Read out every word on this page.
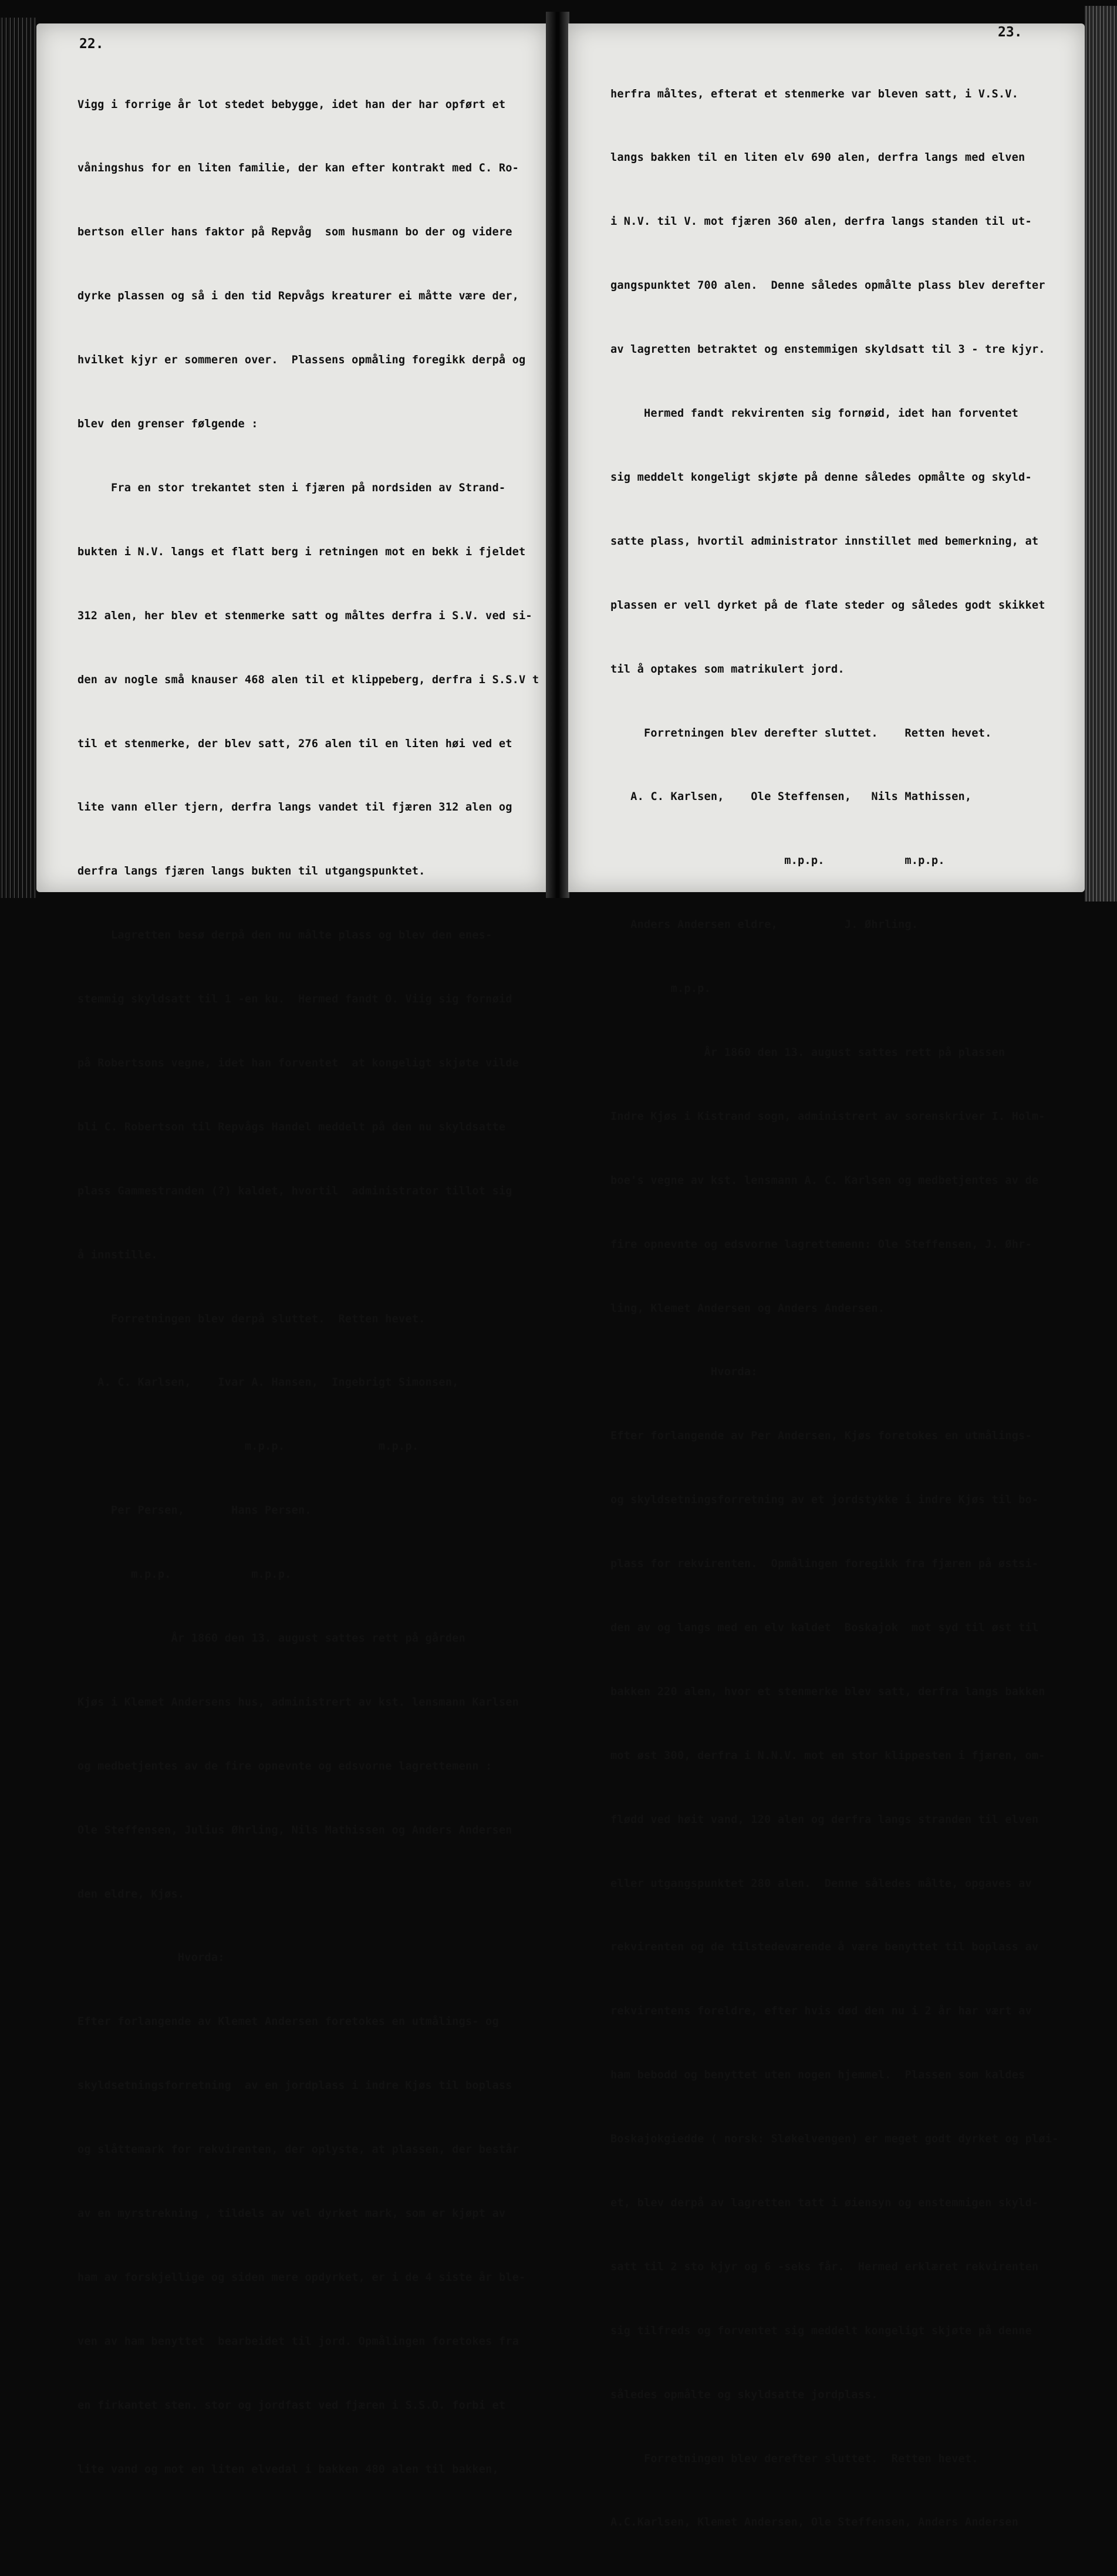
22.

Vigg i forrige år lot stedet bebygge, idet han der har opført et

våningshus for en liten familie, der kan efter kontrakt med C. Ro-

bertson eller hans faktor på Repvåg  som husmann bo der og videre

dyrke plassen og så i den tid Repvågs kreaturer ei måtte være der,

hvilket kjyr er sommeren over.  Plassens opmåling foregikk derpå og

blev den grenser følgende :

Fra en stor trekantet sten i fjæren på nordsiden av Strand-

bukten i N.V. langs et flatt berg i retningen mot en bekk i fjeldet

312 alen, her blev et stenmerke satt og måltes derfra i S.V. ved si-

den av nogle små knauser 468 alen til et klippeberg, derfra i S.S.V t

til et stenmerke, der blev satt, 276 alen til en liten høi ved et

lite vann eller tjern, derfra langs vandet til fjæren 312 alen og

derfra langs fjæren langs bukten til utgangspunktet.

Lagretten besø derpå den nu målte plass og blev den enes-

stemmig skyldsatt til 1 -en ku.  Hermed fandt O. Viig sig fornøid

på Robertsons vegne, idet han forventet  at kongeligt skjøte vilde

bli C. Robertson til Repvågs Handel meddelt på den nu skyldsatte

plass Gammestranden (?) kaldet, hvortil  administrator tillot sig

å innstille.

Forretningen blev derpå sluttet.  Retten hevet.

A. C. Karlsen,    Ivar A. Hansen,  Ingebrigt Simonsen,

m.p.p.              m.p.p.

Per Persen,       Hans Persen.

m.p.p.            m.p.p.

År 1860 den 13. august sattes rett på gården

Kjøs i Klemet Andersens hus, administrert av kst. lensmann Karlsen

og medbetjentes av de fire opnevnte og edsvorne lagrettemenn :

Ole Steffensen, Julius Øhrling, Nils Mathissen og Anders Andersen

den eldre, Kjøs.

Hvorda:

Efter forlangende av Klemet Andersen foretokes en utmålings- og

skyldsetningsforretning  av en jordplass i indre Kjøs til boplass

og slåttemark for rekvirenten, der oplyste, at plassen, der består

av en myrstrekning , tildels av vel dyrket mark, som er kjøpt av

ham av forskjellige og siden mere opdyrket, er i de 4 siste år ble-

ven av ham benyttet  bearbeidet til jord. Opmålingen foretokes fra

en firkantet sten. stor og jordfast ved fjæren i S.S.O. forbi et

lite vand og mot en liten elvedal i bakken 480 alen til bakken,

23.

herfra måltes, efterat et stenmerke var bleven satt, i V.S.V.

langs bakken til en liten elv 690 alen, derfra langs med elven

i N.V. til V. mot fjæren 360 alen, derfra langs standen til ut-

gangspunktet 700 alen.  Denne således opmålte plass blev derefter

av lagretten betraktet og enstemmigen skyldsatt til 3 - tre kjyr.

Hermed fandt rekvirenten sig fornøid, idet han forventet

sig meddelt kongeligt skjøte på denne således opmålte og skyld-

satte plass, hvortil administrator innstillet med bemerkning, at

plassen er vell dyrket på de flate steder og således godt skikket

til å optakes som matrikulert jord.

Forretningen blev derefter sluttet.    Retten hevet.

A. C. Karlsen,    Ole Steffensen,   Nils Mathissen,

m.p.p.            m.p.p.

Anders Andersen eldre,          J. Øhrling.

m.p.p.

År 1860 den 13. august sattes rett på plassen

Indre Kjøs i Kistrand sogn, administrert av sorenskriver I. Holm-

boe's vegne av kst. lensmann A. C. Karlsen og medbetjentes av de

fire opnevnte og edsvorne lagrettemenn: Ole Steffensen, J. Øhr-

ling, Klemet Andersen og Anders Andersen.

Hvorda:

Efter forlangende av Per Andersen, Kjøs foretokes en utmålings-

og skyldsetningsforretning av et jordstykke i indre Kjøs til bo-

plass for rekvirenten.  Opmålingen foregikk fra fjæren på østsi-

den av og langs med en elv kaldet  Boskajok  mot syd til øst til

bakken 220 alen, hvor et stenmerke blev satt, derfra langs bakken

mot øst 300, derfra i N.N.V. mot en stor klippesten i fjæren, om-

flødd ved høit vand, 120 alen og derfra langs stranden til elven

eller utgangspunktet 280 alen.  Denne således målte, opgaves av

rekvirenten og de tilstedeværende å være benyttet til boplass av

rekvirentens foreldre, efter hvis død den nu i 2 år har vært av

ham bebodd og benyttet uten nogen hjemmel.  Plassen som kaldes

Boskajokgiedde ( norsk: Sløkelvengen) er meget godt dyrket og pløi-

et, blev derpå av lagretten tatt i øiensyn og enstemmigen skyld-

satt til 2 sto kjyr og 6 -seks får.  Hermed erklæret rekvirenten

sig tilfreds og forventet sig meddelt kongeligt skjøte på denne

således opmålte og skyldsatte jordplass.

Forretningen blev derefter sluttet.  Retten hevet.

A.C.Karlsen, Klemet Andersen, Ole Steffensen, Anders Andersen
